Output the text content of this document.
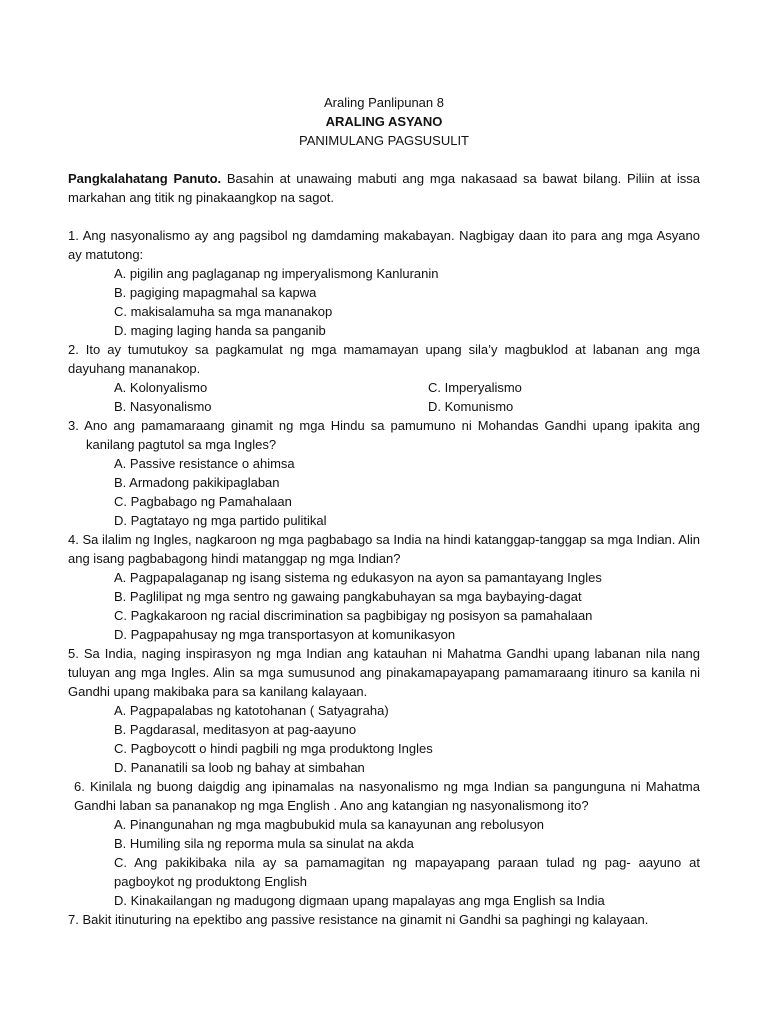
Araling Panlipunan 8
ARALING ASYANO
PANIMULANG PAGSUSULIT
Pangkalahatang Panuto. Basahin at unawaing mabuti ang mga nakasaad sa bawat bilang. Piliin at issa markahan ang titik ng pinakaangkop na sagot.
1. Ang nasyonalismo ay ang pagsibol ng damdaming makabayan. Nagbigay daan ito para ang mga Asyano ay matutong:
A. pigilin ang paglaganap ng imperyalismong Kanluranin
B. pagiging mapagmahal sa kapwa
C. makisalamuha sa mga mananakop
D. maging laging handa sa panganib
2. Ito ay tumutukoy sa pagkamulat ng mga mamamayan upang sila’y magbuklod at labanan ang mga dayuhang mananakop.
A. Kolonyalismo	C. Imperyalismo
B. Nasyonalismo	D. Komunismo
3. Ano ang pamamaraang ginamit ng mga Hindu sa pamumuno ni Mohandas Gandhi upang ipakita ang kanilang pagtutol sa mga Ingles?
A. Passive resistance o ahimsa
B. Armadong pakikipaglaban
C. Pagbabago ng Pamahalaan
D. Pagtatayo ng mga partido pulitikal
4. Sa ilalim ng Ingles, nagkaroon ng mga pagbabago sa India na hindi katanggap-tanggap sa mga Indian. Alin ang isang pagbabagong hindi matanggap ng mga Indian?
A. Pagpapalaganap ng isang sistema ng edukasyon na ayon sa pamantayang Ingles
B. Paglilipat ng mga sentro ng gawaing pangkabuhayan sa mga baybaying-dagat
C. Pagkakaroon ng racial discrimination sa pagbibigay ng posisyon sa pamahalaan
D. Pagpapahusay ng mga transportasyon at komunikasyon
5. Sa India, naging inspirasyon ng mga Indian ang katauhan ni Mahatma Gandhi upang labanan nila nang tuluyan ang mga Ingles. Alin sa mga sumusunod ang pinakamapayapang pamamaraang itinuro sa kanila ni Gandhi upang makibaka para sa kanilang kalayaan.
A. Pagpapalabas ng katotohanan ( Satyagraha)
B. Pagdarasal, meditasyon at pag-aayuno
C. Pagboycott o hindi pagbili ng mga produktong Ingles
D. Pananatili sa loob ng bahay at simbahan
6. Kinilala ng buong daigdig ang ipinamalas na nasyonalismo ng mga Indian sa pangunguna ni Mahatma Gandhi laban sa pananakop ng mga English . Ano ang katangian ng nasyonalismong ito?
A. Pinangunahan ng mga magbubukid mula sa kanayunan ang rebolusyon
B. Humiling sila ng reporma mula sa sinulat na akda
C. Ang pakikibaka nila ay sa pamamagitan ng mapayapang paraan tulad ng pag- aayuno at pagboykot ng produktong English
D. Kinakailangan ng madugong digmaan upang mapalayas ang mga English sa India
7. Bakit itinuturing na epektibo ang passive resistance na ginamit ni Gandhi sa paghingi ng kalayaan.
